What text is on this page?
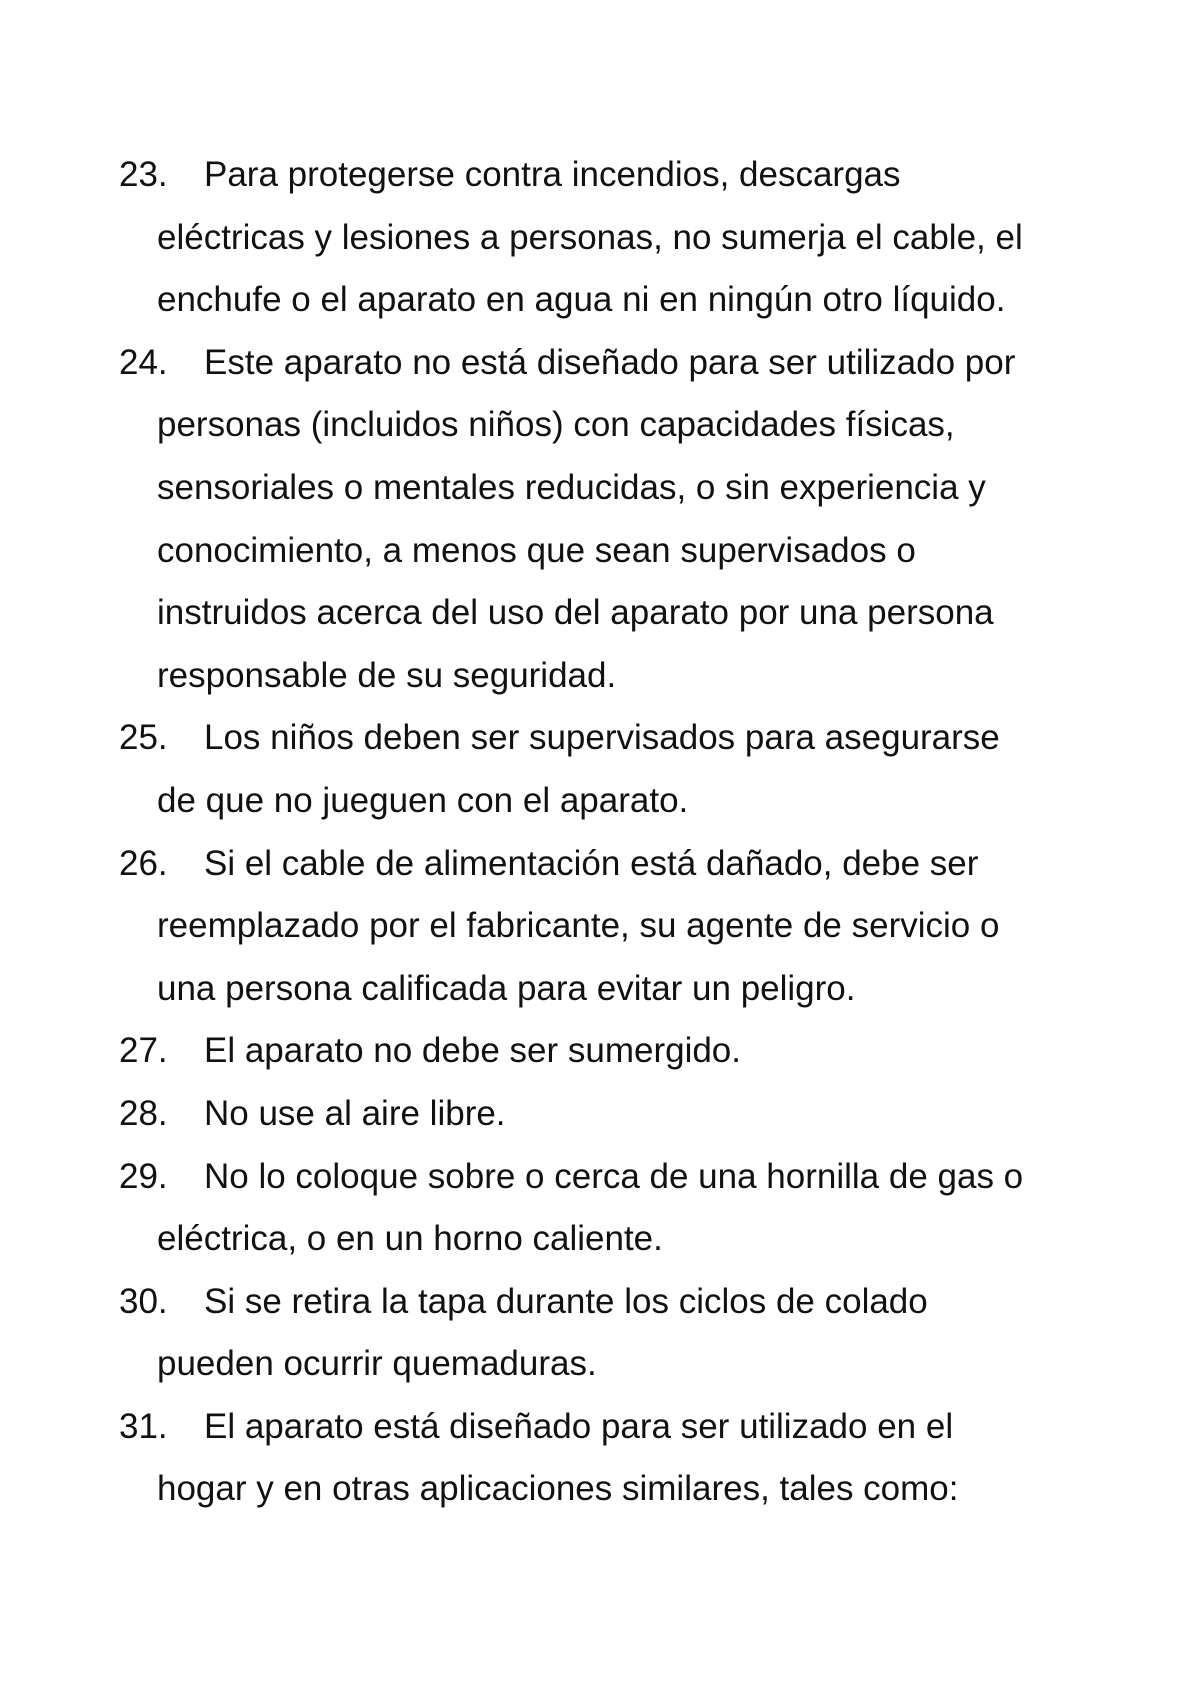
23. Para protegerse contra incendios, descargas
eléctricas y lesiones a personas, no sumerja el cable, el
enchufe o el aparato en agua ni en ningún otro líquido.
24. Este aparato no está diseñado para ser utilizado por
personas (incluidos niños) con capacidades físicas,
sensoriales o mentales reducidas, o sin experiencia y
conocimiento, a menos que sean supervisados o
instruidos acerca del uso del aparato por una persona
responsable de su seguridad.
25. Los niños deben ser supervisados para asegurarse
de que no jueguen con el aparato.
26. Si el cable de alimentación está dañado, debe ser
reemplazado por el fabricante, su agente de servicio o
una persona calificada para evitar un peligro.
27. El aparato no debe ser sumergido.
28. No use al aire libre.
29. No lo coloque sobre o cerca de una hornilla de gas o
eléctrica, o en un horno caliente.
30. Si se retira la tapa durante los ciclos de colado
pueden ocurrir quemaduras.
31. El aparato está diseñado para ser utilizado en el
hogar y en otras aplicaciones similares, tales como:
